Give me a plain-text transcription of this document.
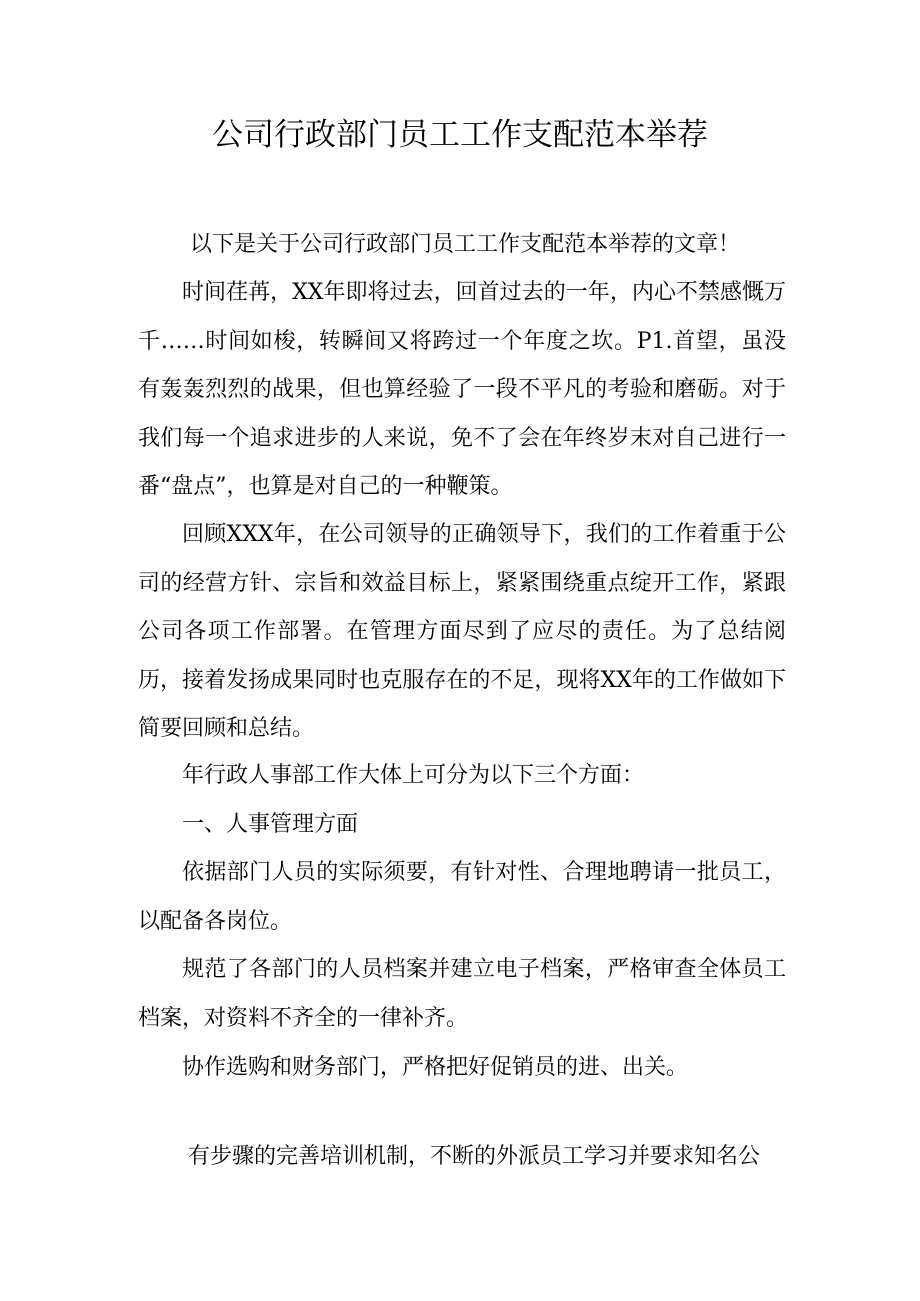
公司行政部门员工工作支配范本举荐

以下是关于公司行政部门员工工作支配范本举荐的文章！

时间荏苒，XX年即将过去，回首过去的一年，内心不禁感慨万千……时间如梭，转瞬间又将跨过一个年度之坎。P1.首望，虽没有轰轰烈烈的战果，但也算经验了一段不平凡的考验和磨砺。对于我们每一个追求进步的人来说，免不了会在年终岁末对自己进行一番“盘点”，也算是对自己的一种鞭策。

回顾XXX年，在公司领导的正确领导下，我们的工作着重于公司的经营方针、宗旨和效益目标上，紧紧围绕重点绽开工作，紧跟公司各项工作部署。在管理方面尽到了应尽的责任。为了总结阅历，接着发扬成果同时也克服存在的不足，现将XX年的工作做如下简要回顾和总结。

年行政人事部工作大体上可分为以下三个方面：

一、人事管理方面

依据部门人员的实际须要，有针对性、合理地聘请一批员工，以配备各岗位。

规范了各部门的人员档案并建立电子档案，严格审查全体员工档案，对资料不齐全的一律补齐。

协作选购和财务部门，严格把好促销员的进、出关。

有步骤的完善培训机制，不断的外派员工学习并要求知名公
